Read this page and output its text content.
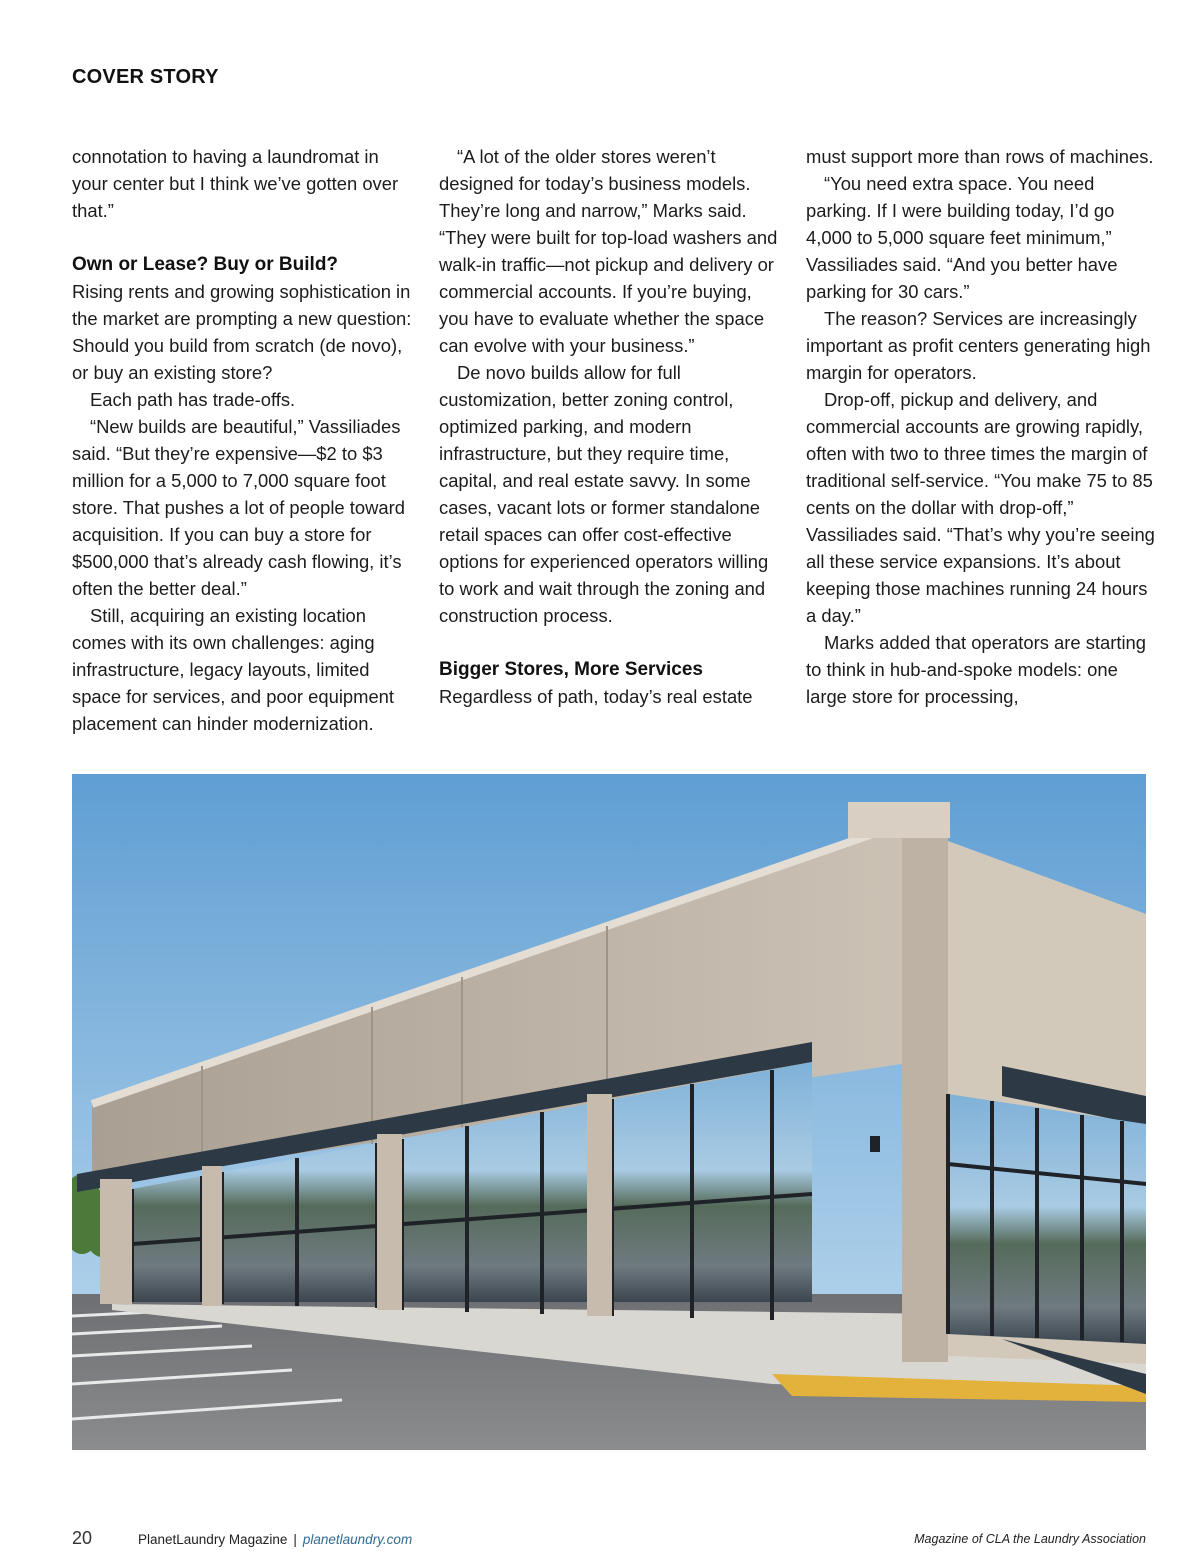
COVER STORY

connotation to having a laundromat in your center but I think we’ve gotten over that.”

Own or Lease? Buy or Build?

Rising rents and growing sophistication in the market are prompting a new question: Should you build from scratch (de novo), or buy an existing store?

Each path has trade-offs.

“New builds are beautiful,” Vassiliades said. “But they’re expensive—$2 to $3 million for a 5,000 to 7,000 square foot store. That pushes a lot of people toward acquisition. If you can buy a store for $500,000 that’s already cash flowing, it’s often the better deal.”

Still, acquiring an existing location comes with its own challenges: aging infrastructure, legacy layouts, limited space for services, and poor equipment placement can hinder modernization.

“A lot of the older stores weren’t designed for today’s business models. They’re long and narrow,” Marks said. “They were built for top-load washers and walk-in traffic—not pickup and delivery or commercial accounts. If you’re buying, you have to evaluate whether the space can evolve with your business.”

De novo builds allow for full customization, better zoning control, optimized parking, and modern infrastructure, but they require time, capital, and real estate savvy. In some cases, vacant lots or former standalone retail spaces can offer cost-effective options for experienced operators willing to work and wait through the zoning and construction process.

Bigger Stores, More Services

Regardless of path, today’s real estate

must support more than rows of machines.

“You need extra space. You need parking. If I were building today, I’d go 4,000 to 5,000 square feet minimum,” Vassiliades said. “And you better have parking for 30 cars.”

The reason? Services are increasingly important as profit centers generating high margin for operators.

Drop-off, pickup and delivery, and commercial accounts are growing rapidly, often with two to three times the margin of traditional self-service. “You make 75 to 85 cents on the dollar with drop-off,” Vassiliades said. “That’s why you’re seeing all these service expansions. It’s about keeping those machines running 24 hours a day.”

Marks added that operators are starting to think in hub-and-spoke models: one large store for processing,

20	PlanetLaundry Magazine | planetlaundry.com	Magazine of CLA the Laundry Association
